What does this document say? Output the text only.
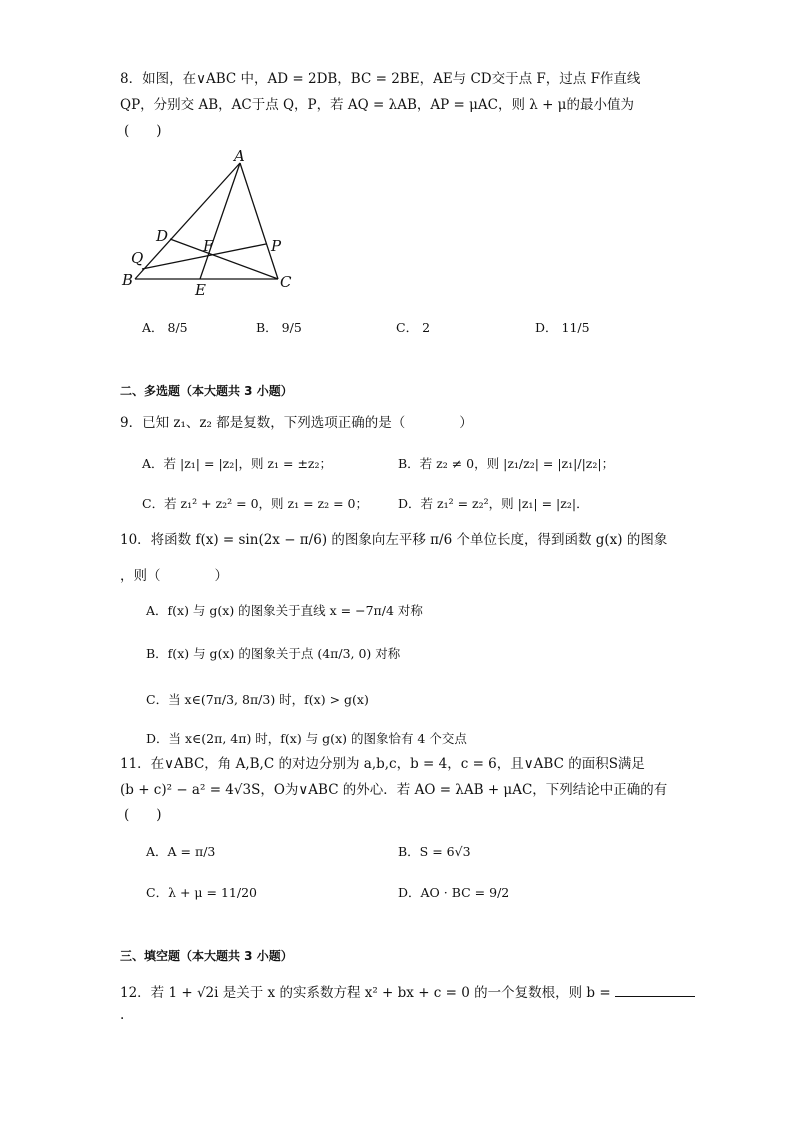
8．如图，在∨ABC 中，AD = 2DB，BC = 2BE，AE与 CD交于点 F，过点 F作直线
QP，分别交 AB，AC于点 Q，P，若 AQ = λAB，AP = μAC，则 λ + μ的最小值为
(　　)
A
B	C
D
E
F	P
Q
A． 8/5	B． 9/5	C． 2	D． 11/5
二、多选题（本大题共 3 小题）
9．已知 z₁、z₂ 都是复数，下列选项正确的是（　　　　）
A．若 |z₁| = |z₂|，则 z₁ = ±z₂；	B．若 z₂ ≠ 0，则 |z₁/z₂| = |z₁|/|z₂|；
C．若 z₁² + z₂² = 0，则 z₁ = z₂ = 0； D．若 z₁² = z₂²，则 |z₁| = |z₂|．
10．将函数 f(x) = sin(2x − π/6) 的图象向左平移 π/6 个单位长度，得到函数 g(x) 的图象
，则（　　　　）
A．f(x) 与 g(x) 的图象关于直线 x = −7π/4 对称
B．f(x) 与 g(x) 的图象关于点 (4π/3, 0) 对称
C．当 x∈(7π/3, 8π/3) 时，f(x) > g(x)
D．当 x∈(2π, 4π) 时，f(x) 与 g(x) 的图象恰有 4 个交点
11．在∨ABC，角 A,B,C 的对边分别为 a,b,c，b = 4，c = 6，且∨ABC 的面积S满足
(b + c)² − a² = 4√3S，O为∨ABC 的外心．若 AO = λAB + μAC，下列结论中正确的有
(　　)
A．A = π/3	B．S = 6√3
C．λ + μ = 11/20	D．AO · BC = 9/2
三、填空题（本大题共 3 小题）
12．若 1 + √2i 是关于 x 的实系数方程 x² + bx + c = 0 的一个复数根，则 b =
.
